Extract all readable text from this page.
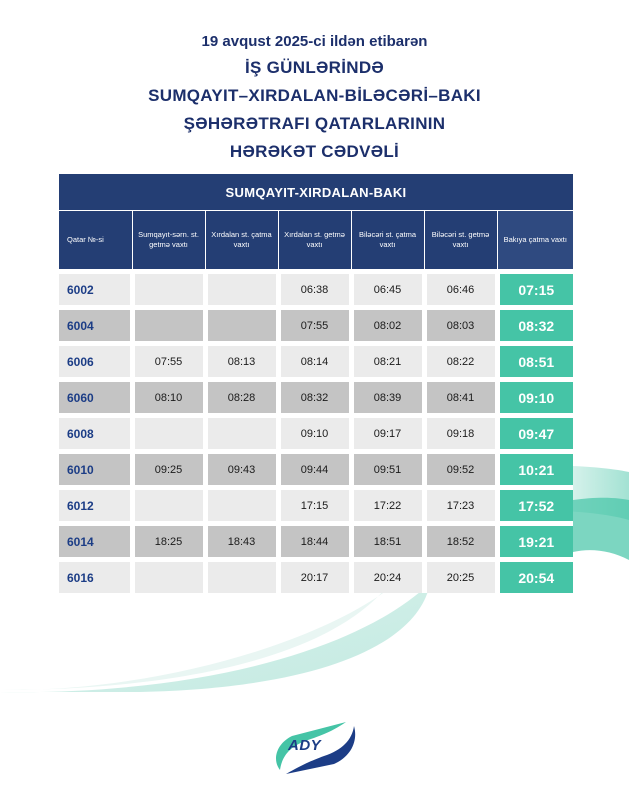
19 avqust 2025-ci ildən etibarən
İŞ GÜNLƏRİNDƏ
SUMQAYIT–XIRDALAN-BİLƏCƏRİ–BAKI
ŞƏHƏRƏTRAFI QATARLARININ
HƏRƏKƏT CƏDVƏLİ
SUMQAYIT-XIRDALAN-BAKI
Qatar №-si	Sumqayıt-sərn. st. getmə vaxtı	Xırdalan st. çatma vaxtı	Xırdalan st. getmə vaxtı	Biləcəri st. çatma vaxtı	Biləcəri st. getmə vaxtı	Bakıya çatma vaxtı
6002			06:38	06:45	06:46	07:15
6004			07:55	08:02	08:03	08:32
6006	07:55	08:13	08:14	08:21	08:22	08:51
6060	08:10	08:28	08:32	08:39	08:41	09:10
6008			09:10	09:17	09:18	09:47
6010	09:25	09:43	09:44	09:51	09:52	10:21
6012			17:15	17:22	17:23	17:52
6014	18:25	18:43	18:44	18:51	18:52	19:21
6016			20:17	20:24	20:25	20:54
ADY
